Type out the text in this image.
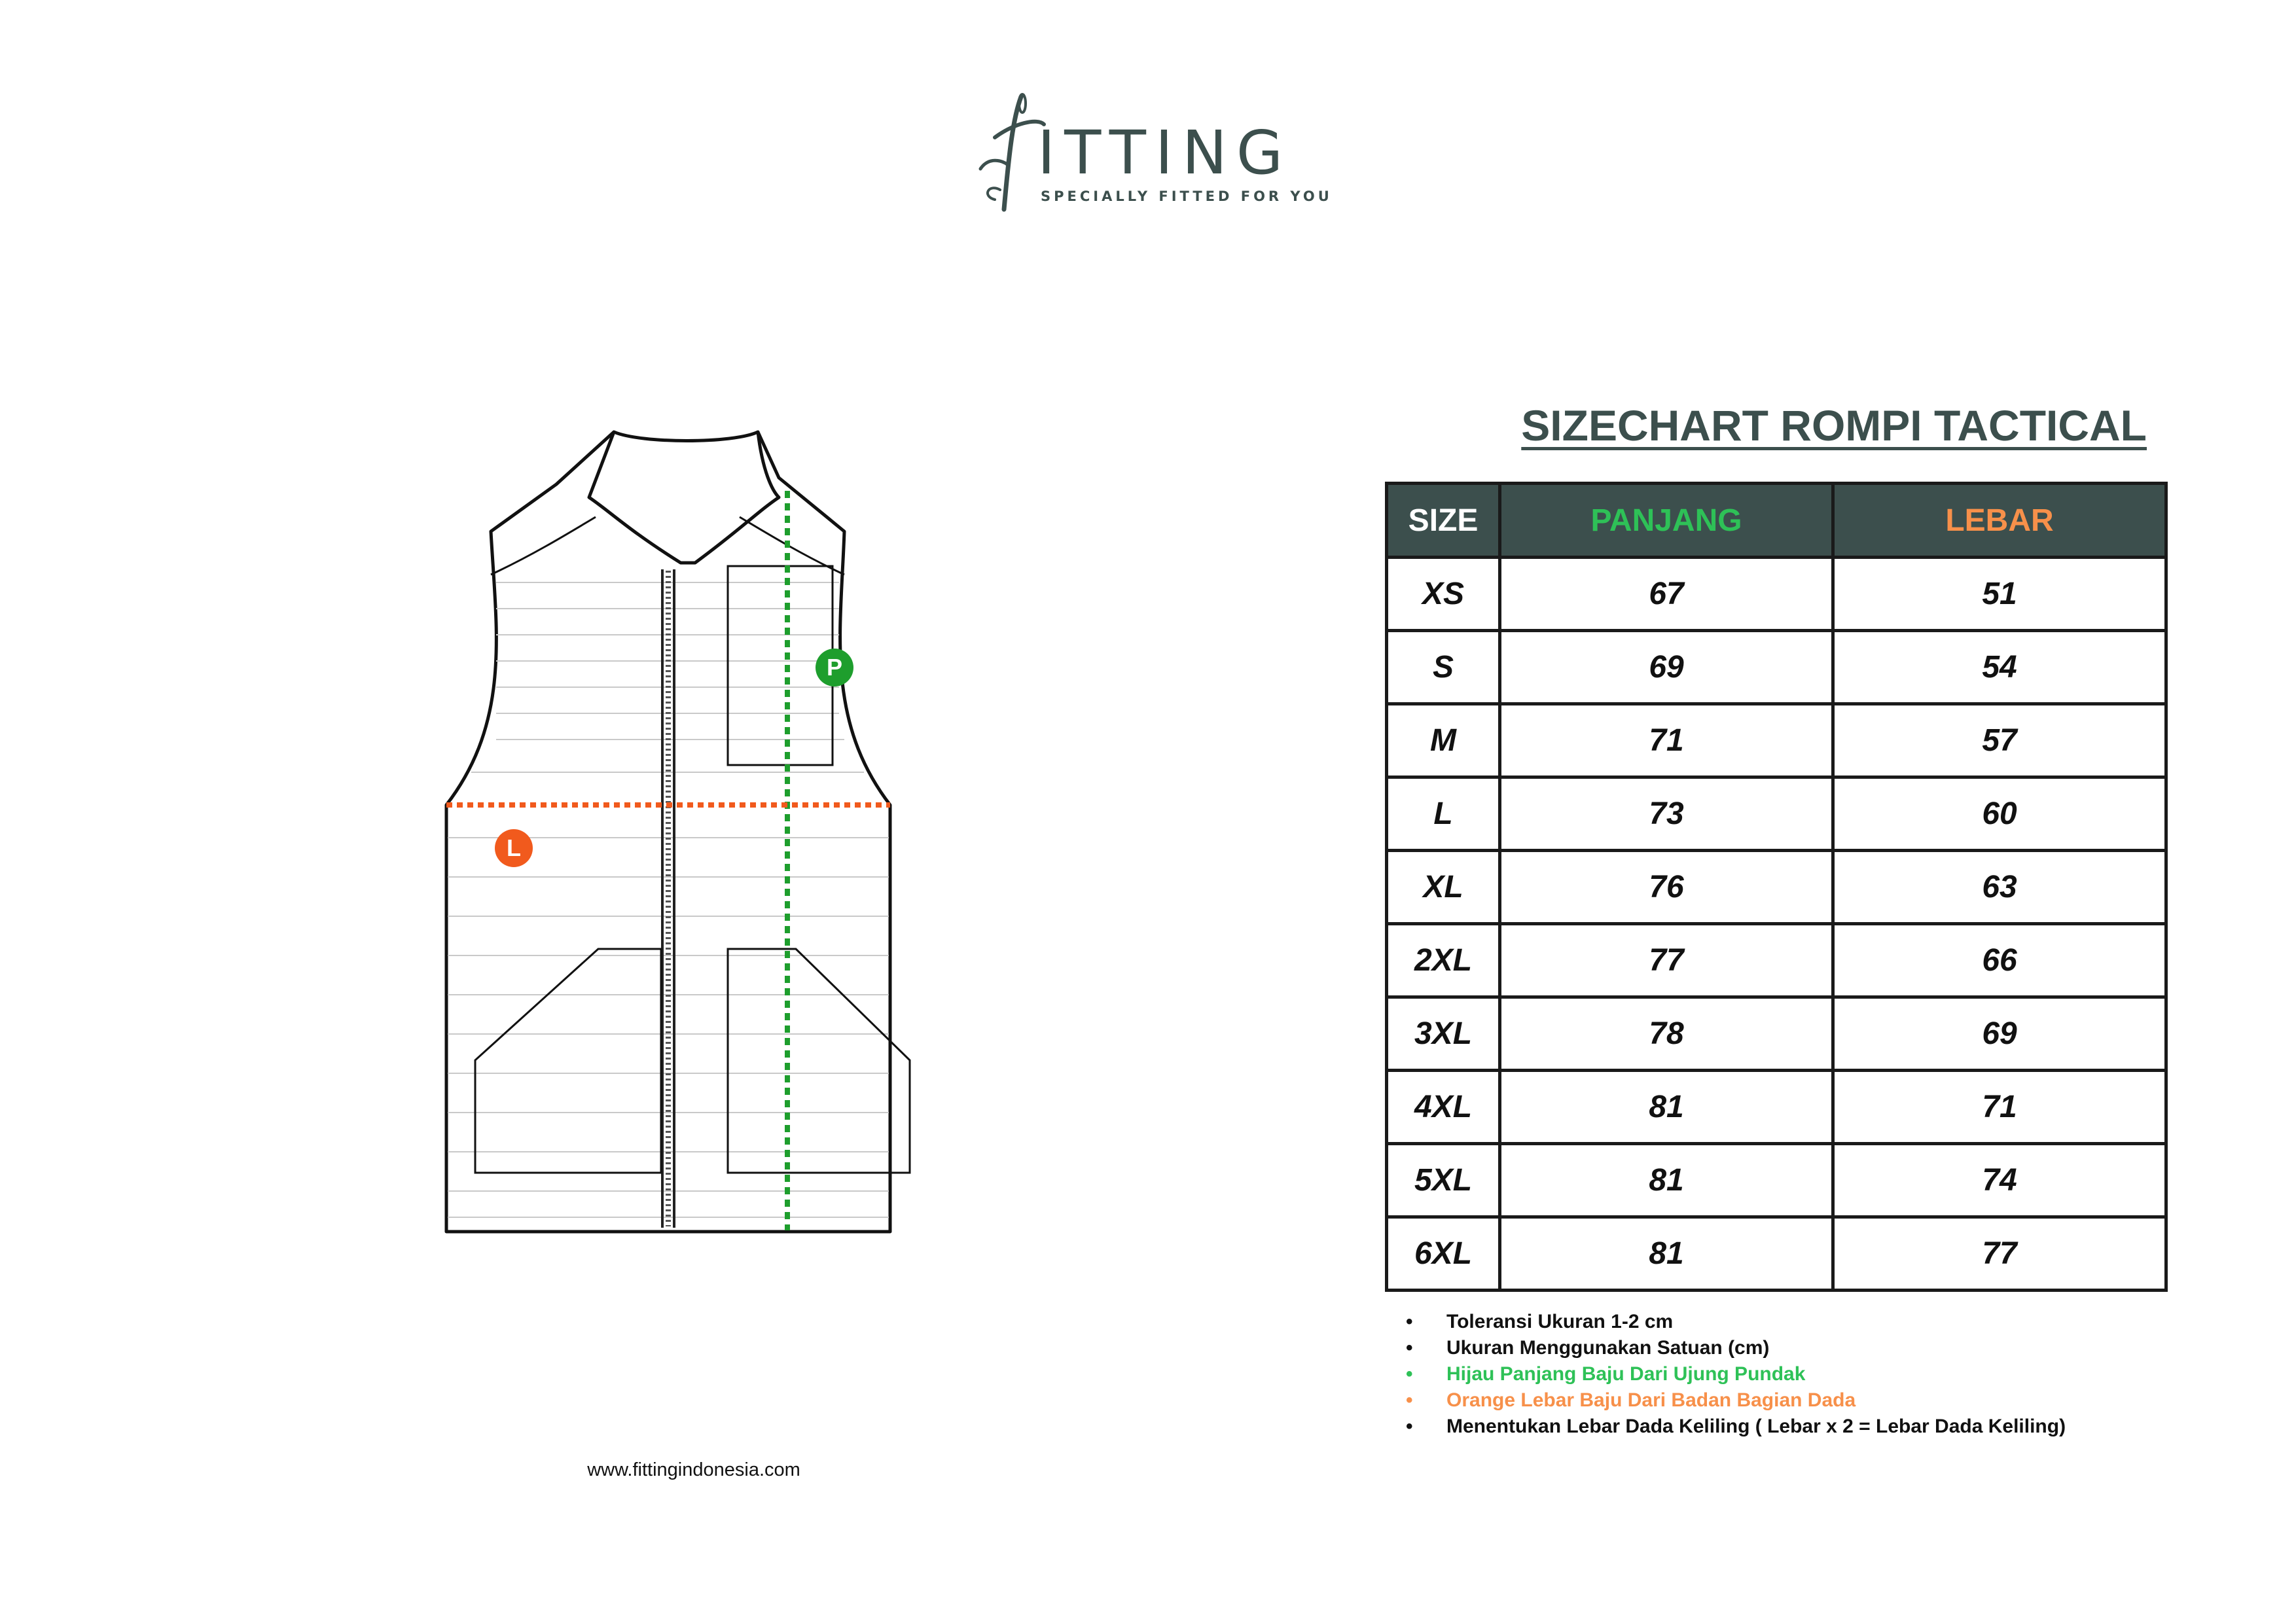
F ITTING
SPECIALLY FITTED FOR YOU
P
L
www.fittingindonesia.com
SIZECHART ROMPI TACTICAL
SIZE	PANJANG	LEBAR
XS	67	51
S	69	54
M	71	57
L	73	60
XL	76	63
2XL	77	66
3XL	78	69
4XL	81	71
5XL	81	74
6XL	81	77
• Toleransi Ukuran 1-2 cm
• Ukuran Menggunakan Satuan (cm)
• Hijau Panjang Baju Dari Ujung Pundak
• Orange Lebar Baju Dari Badan Bagian Dada
• Menentukan Lebar Dada Keliling ( Lebar x 2 = Lebar Dada Keliling)
